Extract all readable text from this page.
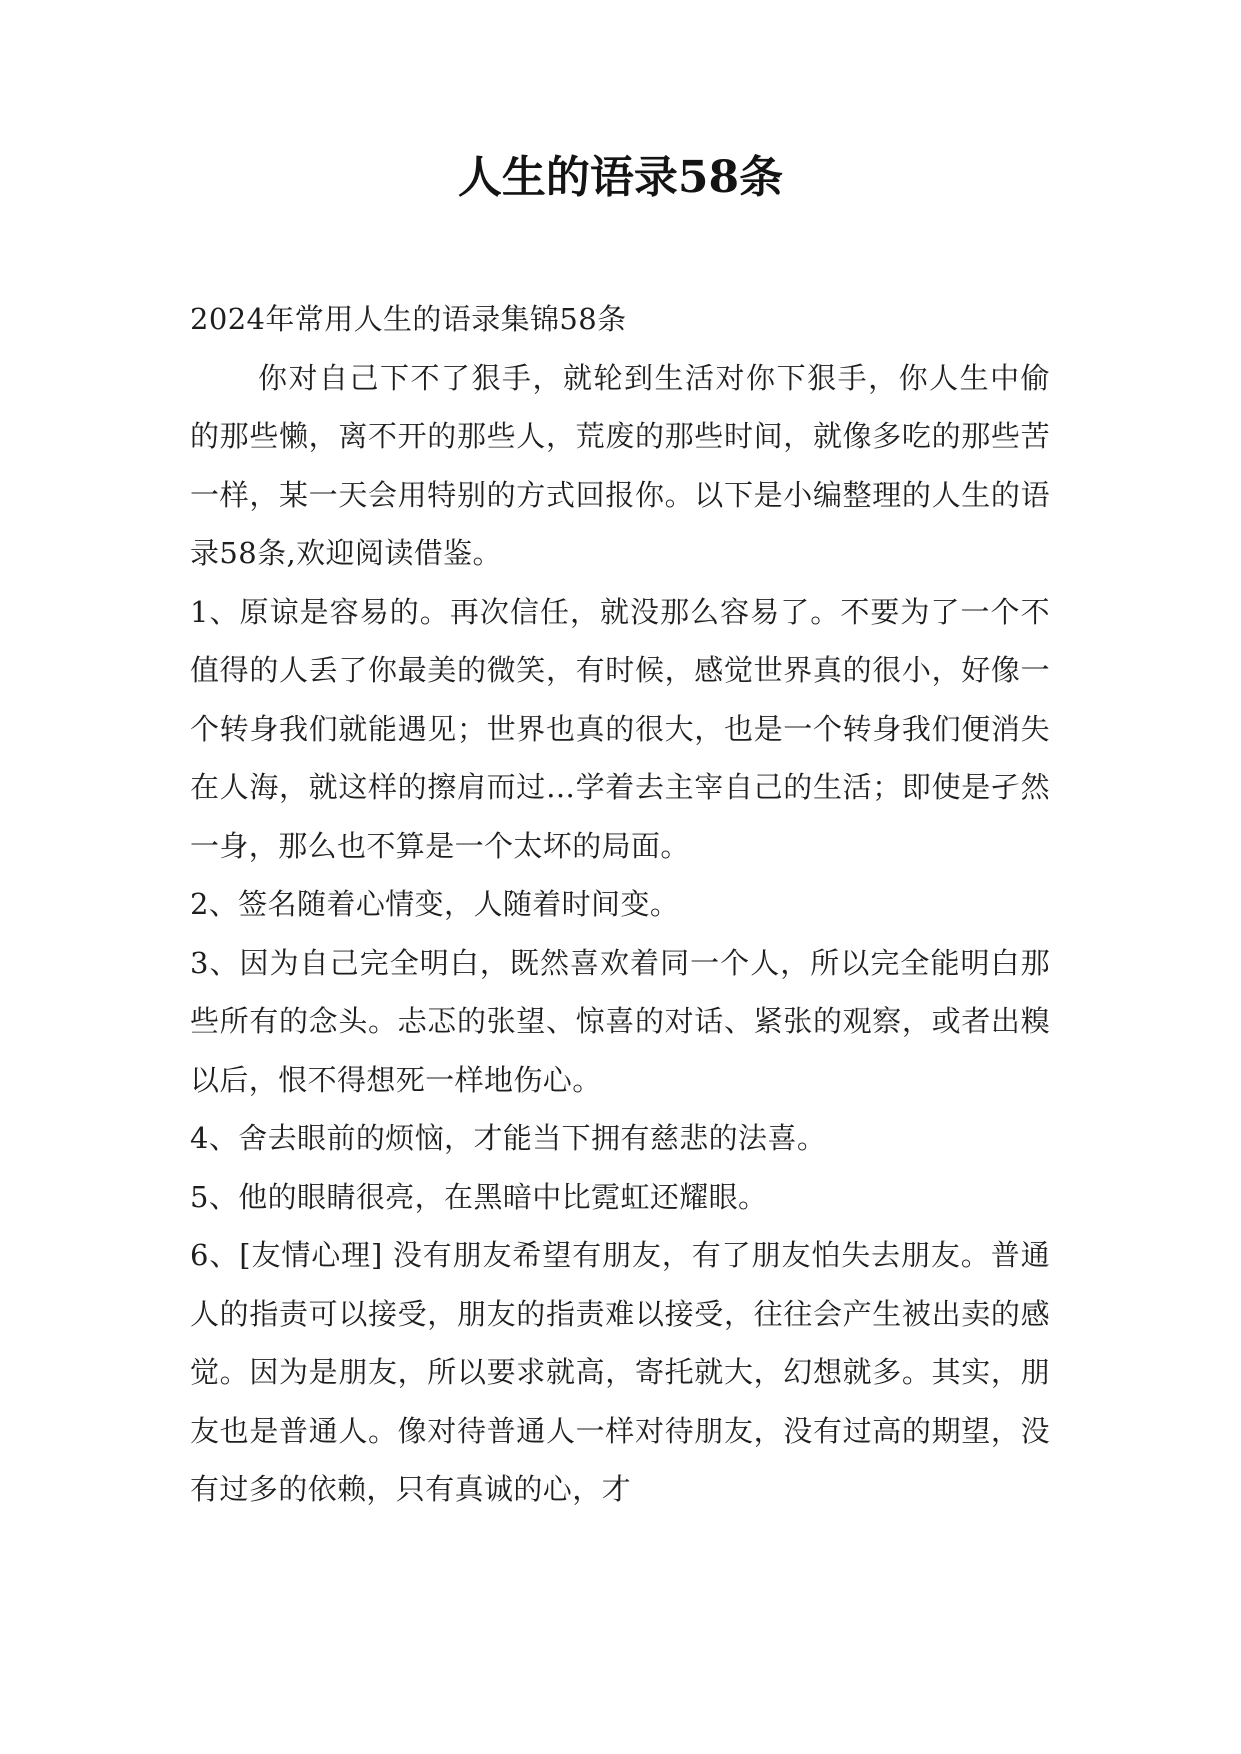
人生的语录58条

2024年常用人生的语录集锦58条

你对自己下不了狠手，就轮到生活对你下狠手，你人生中偷的那些懒，离不开的那些人，荒废的那些时间，就像多吃的那些苦一样，某一天会用特别的方式回报你。以下是小编整理的人生的语录58条,欢迎阅读借鉴。

1、原谅是容易的。再次信任，就没那么容易了。不要为了一个不值得的人丢了你最美的微笑，有时候，感觉世界真的很小，好像一个转身我们就能遇见；世界也真的很大，也是一个转身我们便消失在人海，就这样的擦肩而过…学着去主宰自己的生活；即使是孑然一身，那么也不算是一个太坏的局面。

2、签名随着心情变，人随着时间变。

3、因为自己完全明白，既然喜欢着同一个人，所以完全能明白那些所有的念头。忐忑的张望、惊喜的对话、紧张的观察，或者出糗以后，恨不得想死一样地伤心。

4、舍去眼前的烦恼，才能当下拥有慈悲的法喜。

5、他的眼睛很亮，在黑暗中比霓虹还耀眼。

6、[友情心理] 没有朋友希望有朋友，有了朋友怕失去朋友。普通人的指责可以接受，朋友的指责难以接受，往往会产生被出卖的感觉。因为是朋友，所以要求就高，寄托就大，幻想就多。其实，朋友也是普通人。像对待普通人一样对待朋友，没有过高的期望，没有过多的依赖，只有真诚的心，才
